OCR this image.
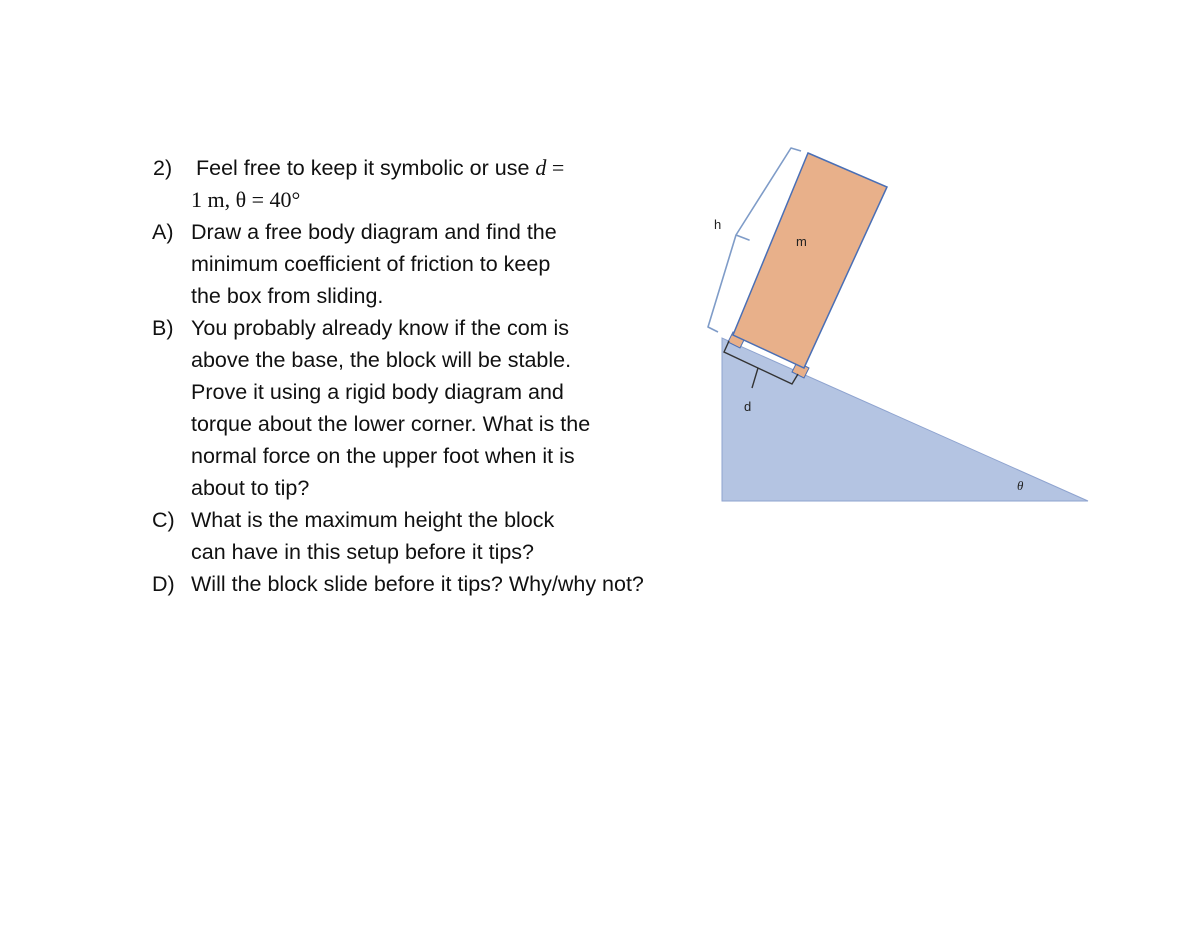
2) Feel free to keep it symbolic or use d =
1 m, θ = 40°
A) Draw a free body diagram and find the
minimum coefficient of friction to keep
the box from sliding.
B) You probably already know if the com is
above the base, the block will be stable.
Prove it using a rigid body diagram and
torque about the lower corner. What is the
normal force on the upper foot when it is
about to tip?
C) What is the maximum height the block
can have in this setup before it tips?
D) Will the block slide before it tips? Why/why not?
h
m
d
θ
